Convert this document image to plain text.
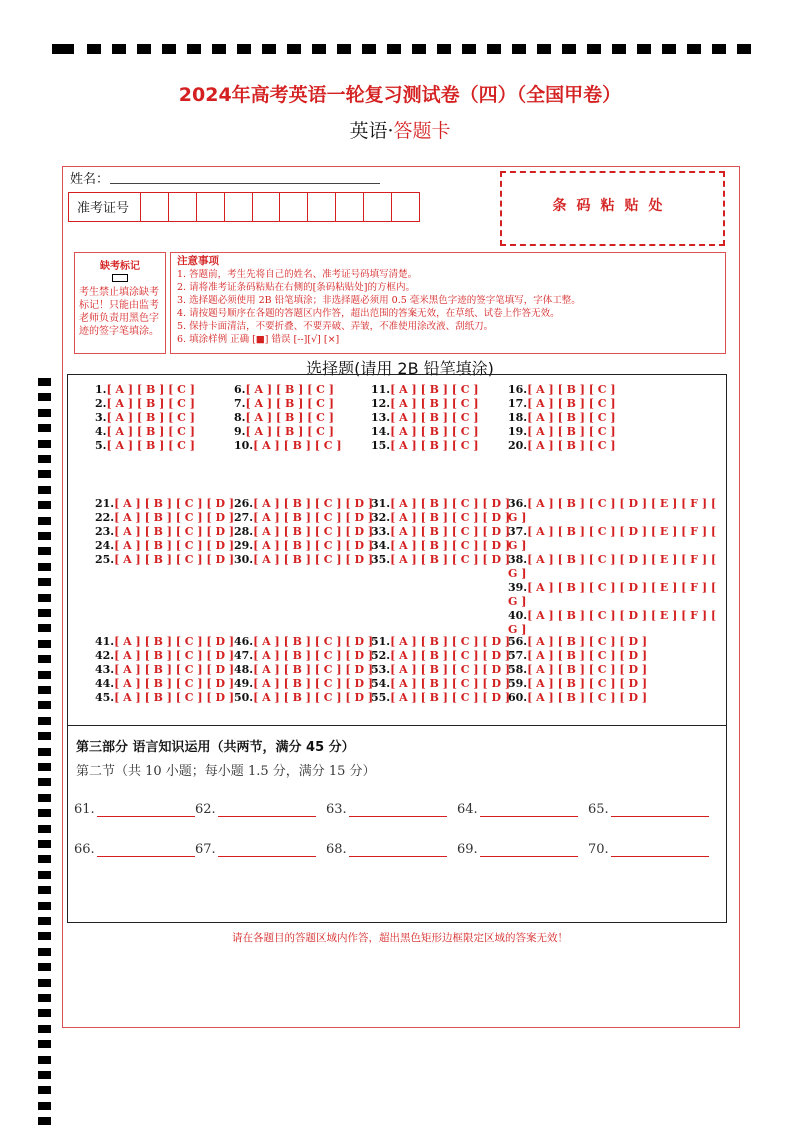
2024年高考英语一轮复习测试卷（四）（全国甲卷）
英语·答题卡
姓名：
准考证号	条码粘贴处
缺考标记
考生禁止填涂缺考标记！只能由监考老师负责用黑色字迹的签字笔填涂。
注意事项
1. 答题前，考生先将自己的姓名、准考证号码填写清楚。
2. 请将准考证条码粘贴在右侧的[条码粘贴处]的方框内。
3. 选择题必须使用 2B 铅笔填涂；非选择题必须用 0.5 毫米黑色字迹的签字笔填写，字体工整。
4. 请按题号顺序在各题的答题区内作答，超出范围的答案无效，在草纸、试卷上作答无效。
5. 保持卡面清洁，不要折叠、不要弄破、弄皱，不准使用涂改液、刮纸刀。
6. 填涂样例 正确 [■] 错误 [--][√] [×]
选择题(请用 2B 铅笔填涂)
1.[ A ] [ B ] [ C ]
2.[ A ] [ B ] [ C ]
3.[ A ] [ B ] [ C ]
4.[ A ] [ B ] [ C ]
5.[ A ] [ B ] [ C ]
6.[ A ] [ B ] [ C ]
7.[ A ] [ B ] [ C ]
8.[ A ] [ B ] [ C ]
9.[ A ] [ B ] [ C ]
10.[ A ] [ B ] [ C ]
11.[ A ] [ B ] [ C ]
12.[ A ] [ B ] [ C ]
13.[ A ] [ B ] [ C ]
14.[ A ] [ B ] [ C ]
15.[ A ] [ B ] [ C ]
16.[ A ] [ B ] [ C ]
17.[ A ] [ B ] [ C ]
18.[ A ] [ B ] [ C ]
19.[ A ] [ B ] [ C ]
20.[ A ] [ B ] [ C ]
21.[ A ] [ B ] [ C ] [ D ]
22.[ A ] [ B ] [ C ] [ D ]
23.[ A ] [ B ] [ C ] [ D ]
24.[ A ] [ B ] [ C ] [ D ]
25.[ A ] [ B ] [ C ] [ D ]
26.[ A ] [ B ] [ C ] [ D ]
27.[ A ] [ B ] [ C ] [ D ]
28.[ A ] [ B ] [ C ] [ D ]
29.[ A ] [ B ] [ C ] [ D ]
30.[ A ] [ B ] [ C ] [ D ]
31.[ A ] [ B ] [ C ] [ D ]
32.[ A ] [ B ] [ C ] [ D ]
33.[ A ] [ B ] [ C ] [ D ]
34.[ A ] [ B ] [ C ] [ D ]
35.[ A ] [ B ] [ C ] [ D ]
36.[ A ] [ B ] [ C ] [ D ] [ E ] [ F ] [
G ]
37.[ A ] [ B ] [ C ] [ D ] [ E ] [ F ] [
G ]
38.[ A ] [ B ] [ C ] [ D ] [ E ] [ F ] [
G ]
39.[ A ] [ B ] [ C ] [ D ] [ E ] [ F ] [
G ]
40.[ A ] [ B ] [ C ] [ D ] [ E ] [ F ] [
G ]
41.[ A ] [ B ] [ C ] [ D ]
42.[ A ] [ B ] [ C ] [ D ]
43.[ A ] [ B ] [ C ] [ D ]
44.[ A ] [ B ] [ C ] [ D ]
45.[ A ] [ B ] [ C ] [ D ]
46.[ A ] [ B ] [ C ] [ D ]
47.[ A ] [ B ] [ C ] [ D ]
48.[ A ] [ B ] [ C ] [ D ]
49.[ A ] [ B ] [ C ] [ D ]
50.[ A ] [ B ] [ C ] [ D ]
51.[ A ] [ B ] [ C ] [ D ]
52.[ A ] [ B ] [ C ] [ D ]
53.[ A ] [ B ] [ C ] [ D ]
54.[ A ] [ B ] [ C ] [ D ]
55.[ A ] [ B ] [ C ] [ D ]
56.[ A ] [ B ] [ C ] [ D ]
57.[ A ] [ B ] [ C ] [ D ]
58.[ A ] [ B ] [ C ] [ D ]
59.[ A ] [ B ] [ C ] [ D ]
60.[ A ] [ B ] [ C ] [ D ]
第三部分 语言知识运用（共两节，满分 45 分）
第二节（共 10 小题；每小题 1.5 分，满分 15 分）
61.	62.	63.	64.	65.
66.	67.	68.	69.	70.
请在各题目的答题区域内作答，超出黑色矩形边框限定区域的答案无效！
